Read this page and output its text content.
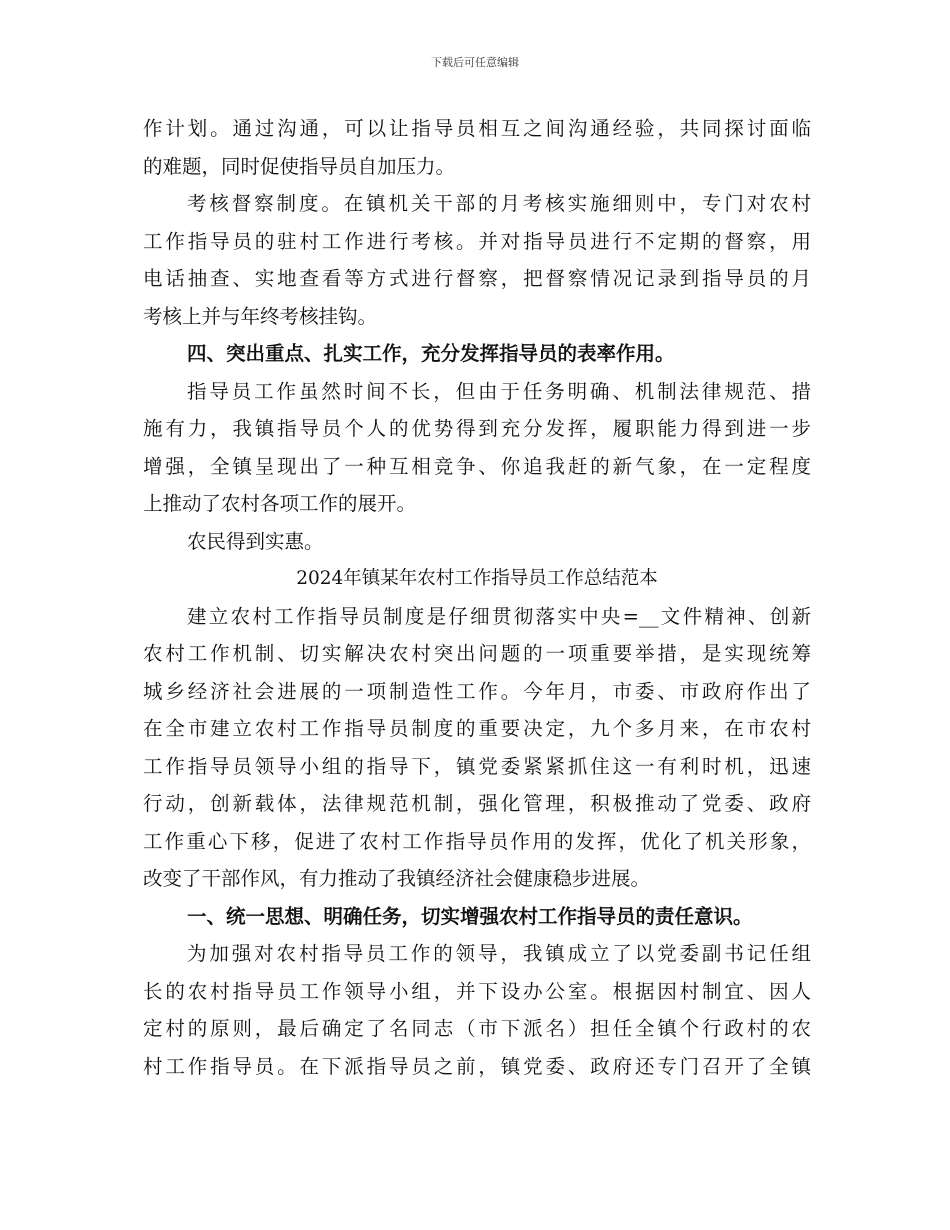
下载后可任意编辑
作计划。通过沟通，可以让指导员相互之间沟通经验，共同探讨面临
的难题，同时促使指导员自加压力。
考核督察制度。在镇机关干部的月考核实施细则中，专门对农村
工作指导员的驻村工作进行考核。并对指导员进行不定期的督察，用
电话抽查、实地查看等方式进行督察，把督察情况记录到指导员的月
考核上并与年终考核挂钩。
四、突出重点、扎实工作，充分发挥指导员的表率作用。
指导员工作虽然时间不长，但由于任务明确、机制法律规范、措
施有力，我镇指导员个人的优势得到充分发挥，履职能力得到进一步
增强，全镇呈现出了一种互相竞争、你追我赶的新气象，在一定程度
上推动了农村各项工作的展开。
农民得到实惠。
2024年镇某年农村工作指导员工作总结范本
建立农村工作指导员制度是仔细贯彻落实中央=__文件精神、创新
农村工作机制、切实解决农村突出问题的一项重要举措，是实现统筹
城乡经济社会进展的一项制造性工作。今年月，市委、市政府作出了
在全市建立农村工作指导员制度的重要决定，九个多月来，在市农村
工作指导员领导小组的指导下，镇党委紧紧抓住这一有利时机，迅速
行动，创新载体，法律规范机制，强化管理，积极推动了党委、政府
工作重心下移，促进了农村工作指导员作用的发挥，优化了机关形象，
改变了干部作风，有力推动了我镇经济社会健康稳步进展。
一、统一思想、明确任务，切实增强农村工作指导员的责任意识。
为加强对农村指导员工作的领导，我镇成立了以党委副书记任组
长的农村指导员工作领导小组，并下设办公室。根据因村制宜、因人
定村的原则，最后确定了名同志（市下派名）担任全镇个行政村的农
村工作指导员。在下派指导员之前，镇党委、政府还专门召开了全镇
